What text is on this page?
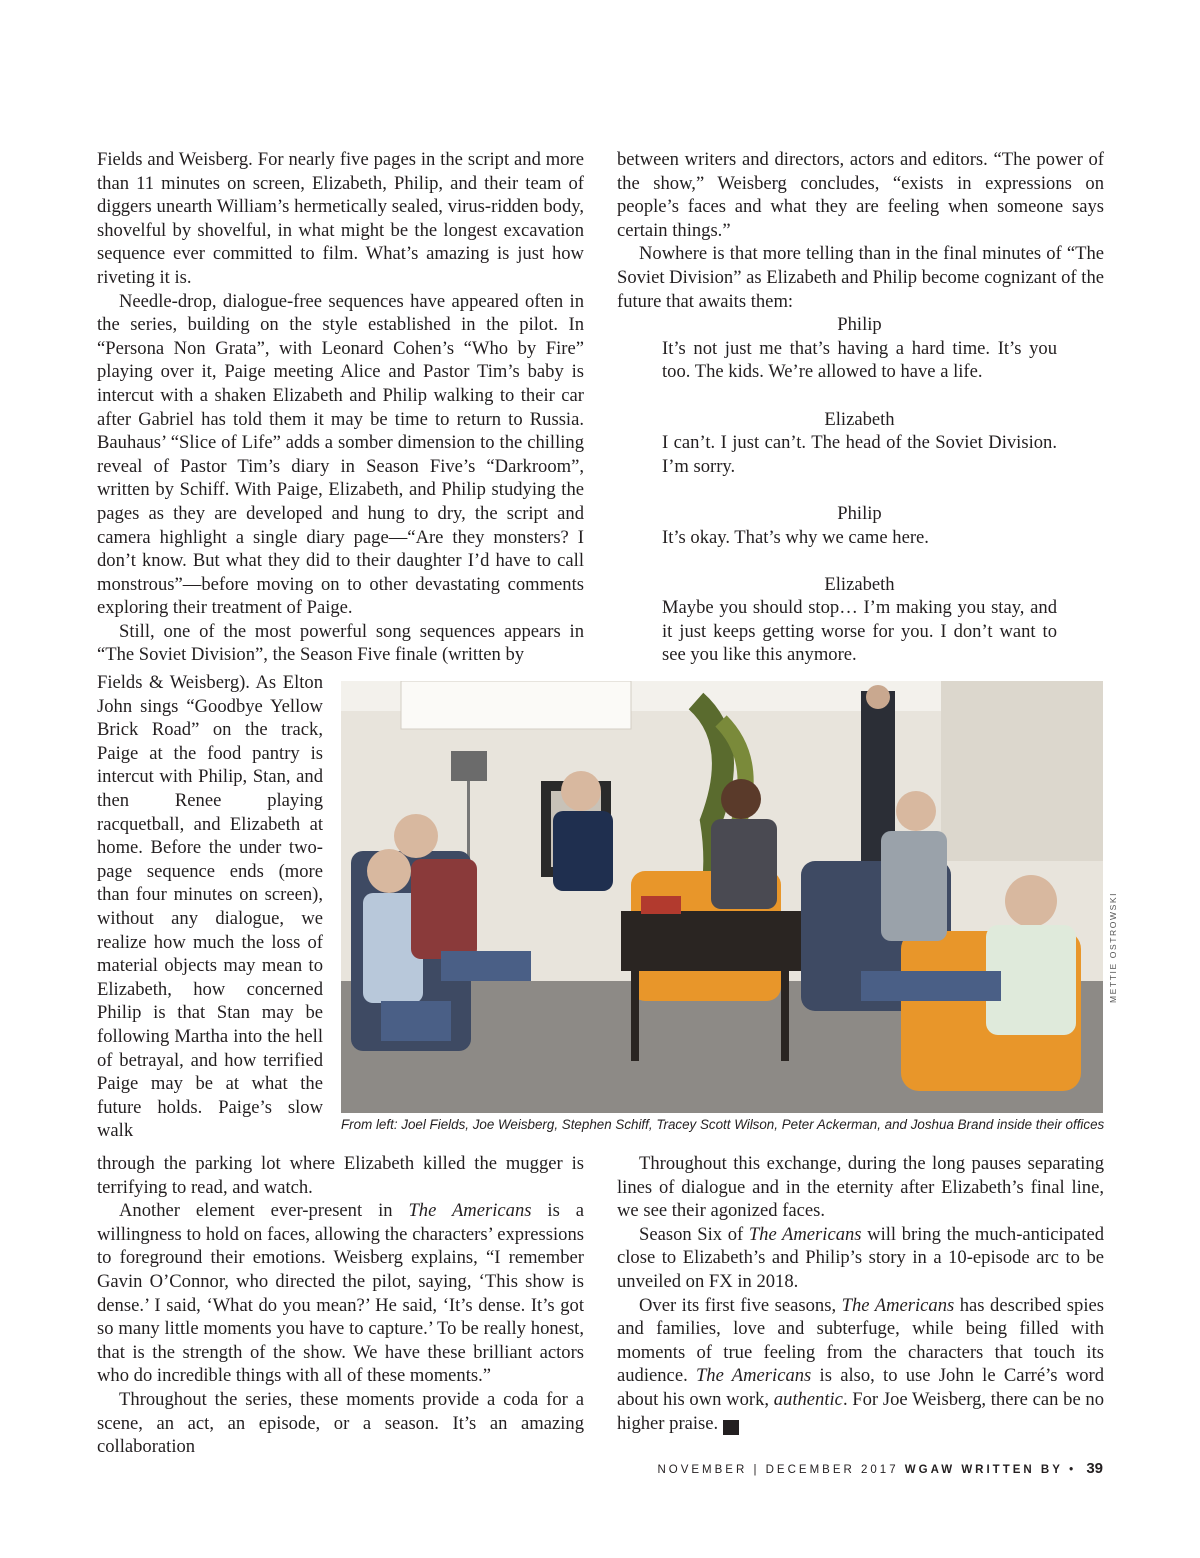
Fields and Weisberg. For nearly five pages in the script and more than 11 minutes on screen, Elizabeth, Philip, and their team of diggers unearth William’s hermetically sealed, virus-ridden body, shovelful by shovelful, in what might be the longest excavation sequence ever committed to film. What’s amazing is just how riveting it is.

Needle-drop, dialogue-free sequences have appeared often in the series, building on the style established in the pilot. In “Persona Non Grata”, with Leonard Cohen’s “Who by Fire” playing over it, Paige meeting Alice and Pastor Tim’s baby is intercut with a shaken Elizabeth and Philip walking to their car after Gabriel has told them it may be time to return to Russia. Bauhaus’ “Slice of Life” adds a somber dimension to the chilling reveal of Pastor Tim’s diary in Season Five’s “Darkroom”, written by Schiff. With Paige, Elizabeth, and Philip studying the pages as they are developed and hung to dry, the script and camera highlight a single diary page—“Are they monsters? I don’t know. But what they did to their daughter I’d have to call monstrous”—before moving on to other devastating comments exploring their treatment of Paige.

Still, one of the most powerful song sequences appears in “The Soviet Division”, the Season Five finale (written by

Fields & Weisberg). As Elton John sings “Goodbye Yellow Brick Road” on the track, Paige at the food pantry is intercut with Philip, Stan, and then Renee playing racquetball, and Elizabeth at home. Before the under two-page sequence ends (more than four minutes on screen), without any dialogue, we realize how much the loss of material objects may mean to Elizabeth, how concerned Philip is that Stan may be following Martha into the hell of betrayal, and how terrified Paige may be at what the future holds. Paige’s slow walk

METTIE OSTROWSKI
From left: Joel Fields, Joe Weisberg, Stephen Schiff, Tracey Scott Wilson, Peter Ackerman, and Joshua Brand inside their offices

through the parking lot where Elizabeth killed the mugger is terrifying to read, and watch.

Another element ever-present in The Americans is a willingness to hold on faces, allowing the characters’ expressions to foreground their emotions. Weisberg explains, “I remember Gavin O’Connor, who directed the pilot, saying, ‘This show is dense.’ I said, ‘What do you mean?’ He said, ‘It’s dense. It’s got so many little moments you have to capture.’ To be really honest, that is the strength of the show. We have these brilliant actors who do incredible things with all of these moments.”

Throughout the series, these moments provide a coda for a scene, an act, an episode, or a season. It’s an amazing collaboration

between writers and directors, actors and editors. “The power of the show,” Weisberg concludes, “exists in expressions on people’s faces and what they are feeling when someone says certain things.”

Nowhere is that more telling than in the final minutes of “The Soviet Division” as Elizabeth and Philip become cognizant of the future that awaits them:

Philip

It’s not just me that’s having a hard time. It’s you too. The kids. We’re allowed to have a life.

Elizabeth

I can’t. I just can’t. The head of the Soviet Division. I’m sorry.

Philip

It’s okay. That’s why we came here.

Elizabeth

Maybe you should stop… I’m making you stay, and it just keeps getting worse for you. I don’t want to see you like this anymore.

Throughout this exchange, during the long pauses separating lines of dialogue and in the eternity after Elizabeth’s final line, we see their agonized faces.

Season Six of The Americans will bring the much-anticipated close to Elizabeth’s and Philip’s story in a 10-episode arc to be unveiled on FX in 2018.

Over its first five seasons, The Americans has described spies and families, love and subterfuge, while being filled with moments of true feeling from the characters that touch its audience. The Americans is also, to use John le Carré’s word about his own work, authentic. For Joe Weisberg, there can be no higher praise.	WB

NOVEMBER | DECEMBER 2017 WGAW WRITTEN BY • 39
